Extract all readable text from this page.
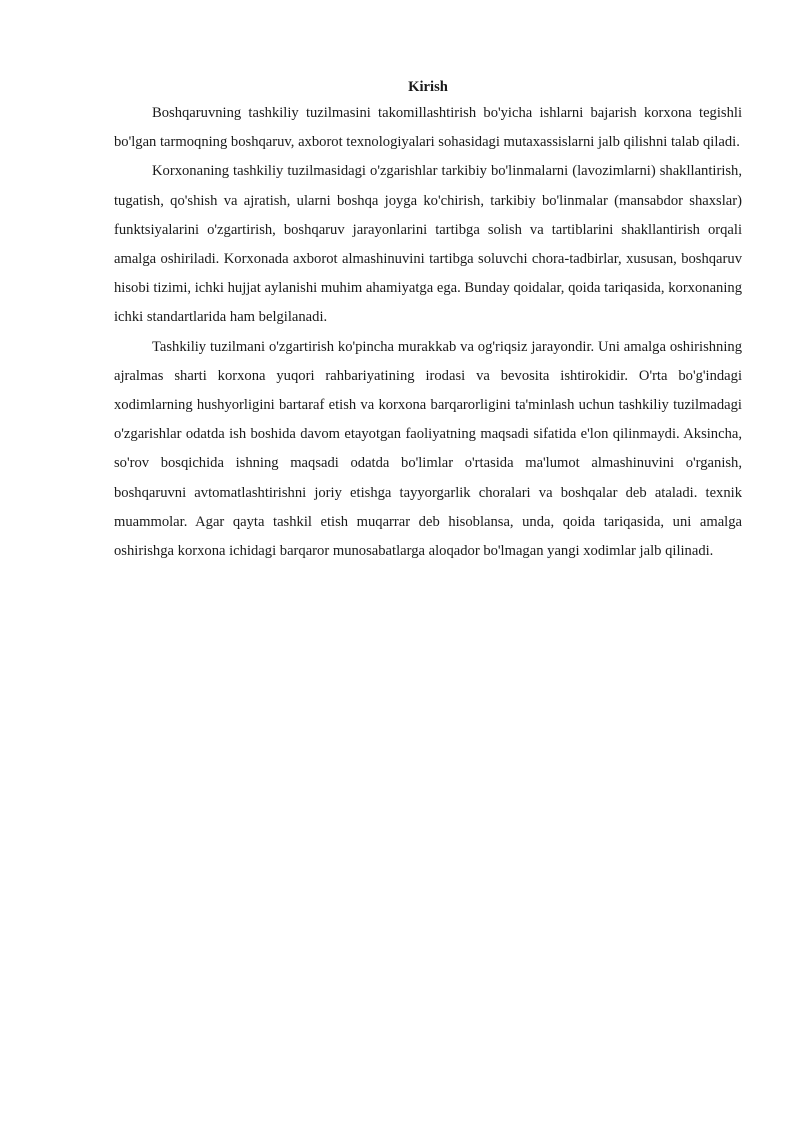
Kirish

Boshqaruvning tashkiliy tuzilmasini takomillashtirish bo'yicha ishlarni bajarish korxona tegishli bo'lgan tarmoqning boshqaruv, axborot texnologiyalari sohasidagi mutaxassislarni jalb qilishni talab qiladi.

Korxonaning tashkiliy tuzilmasidagi o'zgarishlar tarkibiy bo'linmalarni (lavozimlarni) shakllantirish, tugatish, qo'shish va ajratish, ularni boshqa joyga ko'chirish, tarkibiy bo'linmalar (mansabdor shaxslar) funktsiyalarini o'zgartirish, boshqaruv jarayonlarini tartibga solish va tartiblarini shakllantirish orqali amalga oshiriladi. Korxonada axborot almashinuvini tartibga soluvchi chora-tadbirlar, xususan, boshqaruv hisobi tizimi, ichki hujjat aylanishi muhim ahamiyatga ega. Bunday qoidalar, qoida tariqasida, korxonaning ichki standartlarida ham belgilanadi.

Tashkiliy tuzilmani o'zgartirish ko'pincha murakkab va og'riqsiz jarayondir. Uni amalga oshirishning ajralmas sharti korxona yuqori rahbariyatining irodasi va bevosita ishtirokidir. O'rta bo'g'indagi xodimlarning hushyorligini bartaraf etish va korxona barqarorligini ta'minlash uchun tashkiliy tuzilmadagi o'zgarishlar odatda ish boshida davom etayotgan faoliyatning maqsadi sifatida e'lon qilinmaydi. Aksincha, so'rov bosqichida ishning maqsadi odatda bo'limlar o'rtasida ma'lumot almashinuvini o'rganish, boshqaruvni avtomatlashtirishni joriy etishga tayyorgarlik choralari va boshqalar deb ataladi. texnik muammolar. Agar qayta tashkil etish muqarrar deb hisoblansa, unda, qoida tariqasida, uni amalga oshirishga korxona ichidagi barqaror munosabatlarga aloqador bo'lmagan yangi xodimlar jalb qilinadi.
